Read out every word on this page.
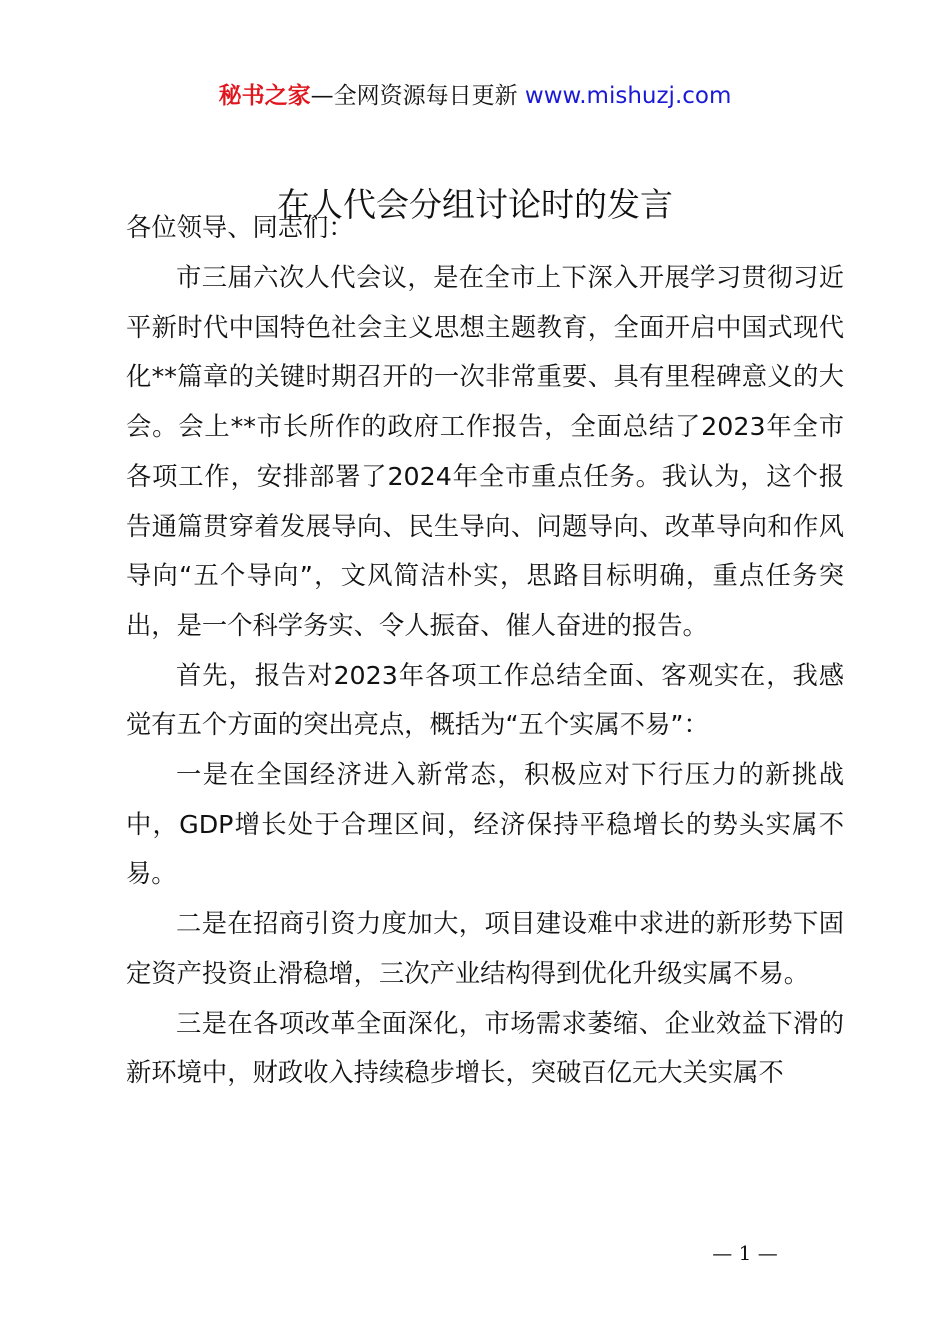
秘书之家—全网资源每日更新 www.mishuzj.com
在人代会分组讨论时的发言

各位领导、同志们：

市三届六次人代会议，是在全市上下深入开展学习贯彻习近平新时代中国特色社会主义思想主题教育，全面开启中国式现代化**篇章的关键时期召开的一次非常重要、具有里程碑意义的大会。会上**市长所作的政府工作报告，全面总结了2023年全市各项工作，安排部署了2024年全市重点任务。我认为，这个报告通篇贯穿着发展导向、民生导向、问题导向、改革导向和作风导向“五个导向”，文风简洁朴实，思路目标明确，重点任务突出，是一个科学务实、令人振奋、催人奋进的报告。

首先，报告对2023年各项工作总结全面、客观实在，我感觉有五个方面的突出亮点，概括为“五个实属不易”：

一是在全国经济进入新常态，积极应对下行压力的新挑战中，GDP增长处于合理区间，经济保持平稳增长的势头实属不易。

二是在招商引资力度加大，项目建设难中求进的新形势下固定资产投资止滑稳增，三次产业结构得到优化升级实属不易。

三是在各项改革全面深化，市场需求萎缩、企业效益下滑的新环境中，财政收入持续稳步增长，突破百亿元大关实属不

— 1 —
